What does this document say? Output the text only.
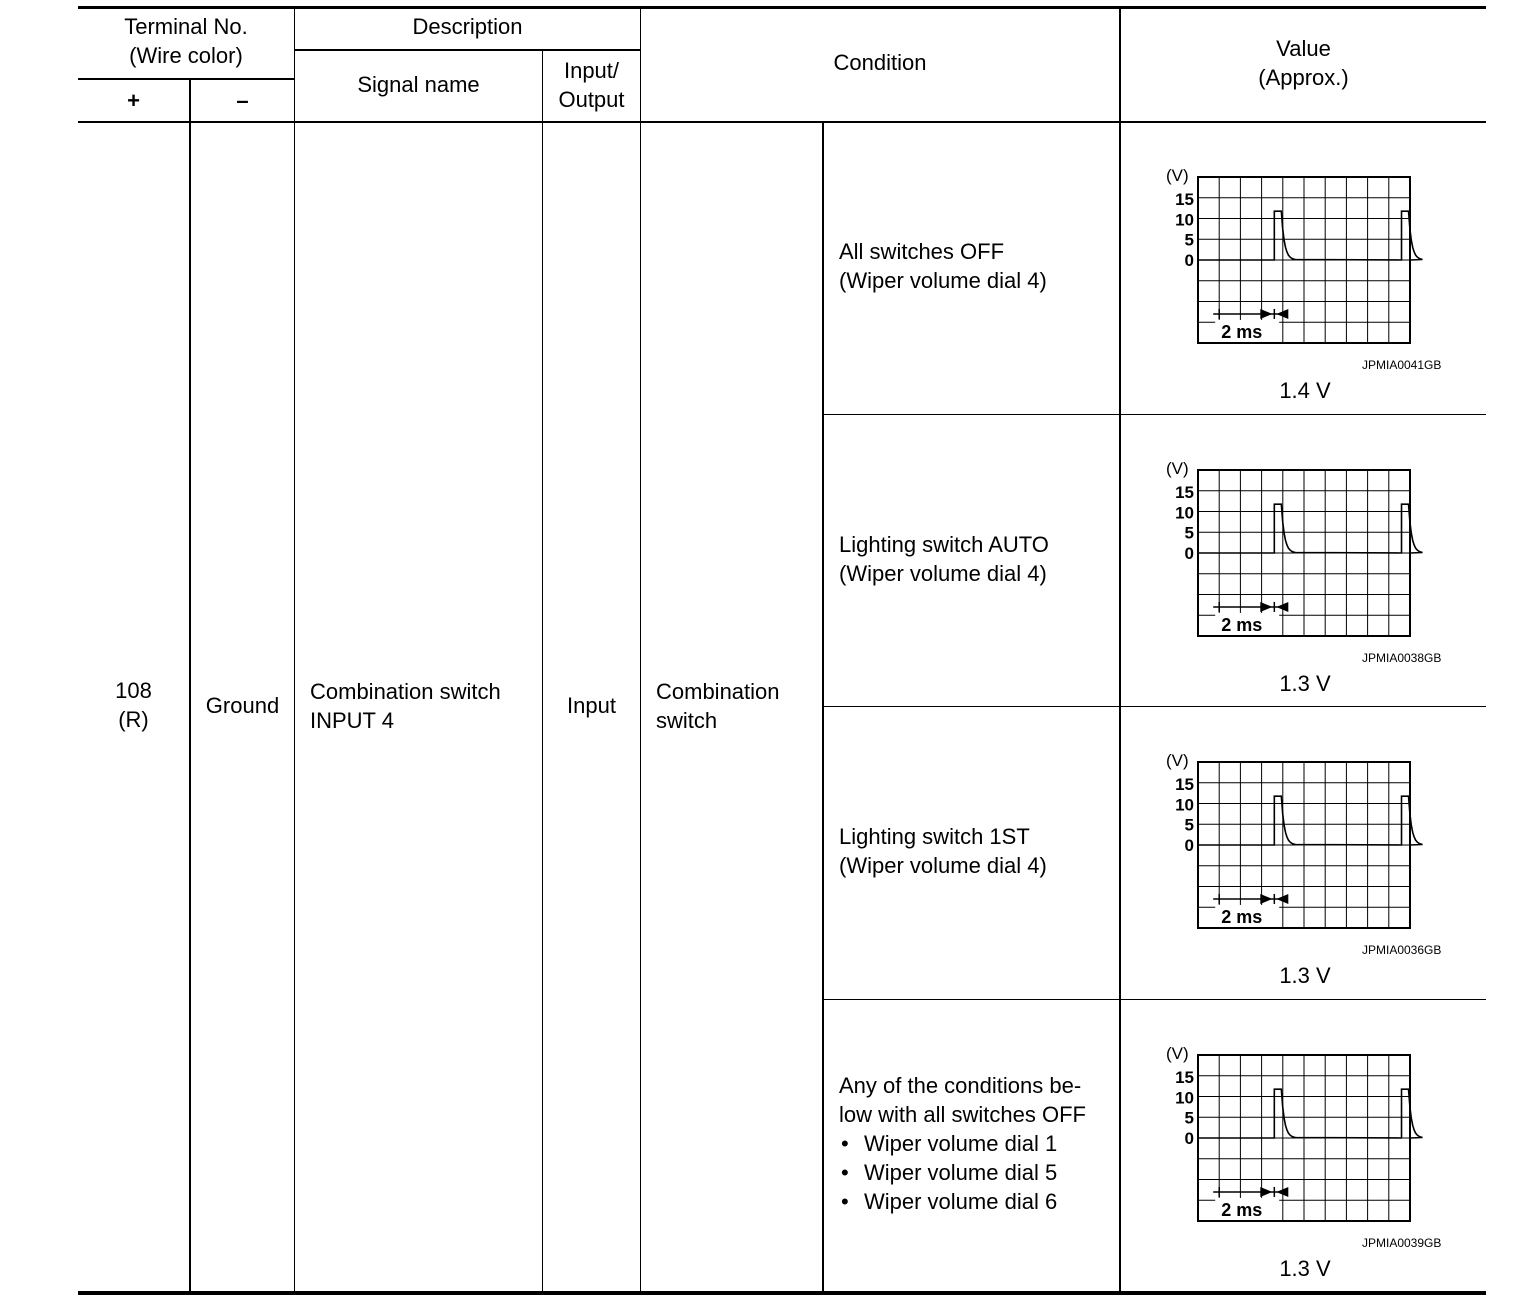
Terminal No.
(Wire color)
+	–
Description
Signal name
Input/
Output
Condition
Value
(Approx.)
108
(R)
Ground
Combination switch
INPUT 4
Input
Combination
switch
All switches OFF
(Wiper volume dial 4)
Lighting switch AUTO
(Wiper volume dial 4)
Lighting switch 1ST
(Wiper volume dial 4)
Any of the conditions be-
low with all switches OFF
• Wiper volume dial 1
• Wiper volume dial 5
• Wiper volume dial 6
(V)
15
10
5
0
2 ms
(V)
15
10
5
0
2 ms
(V)
15
10
5
0
2 ms
(V)
15
10
5
0
2 ms
JPMIA0041GB
JPMIA0038GB
JPMIA0036GB
JPMIA0039GB
1.4 V
1.3 V
1.3 V
1.3 V
